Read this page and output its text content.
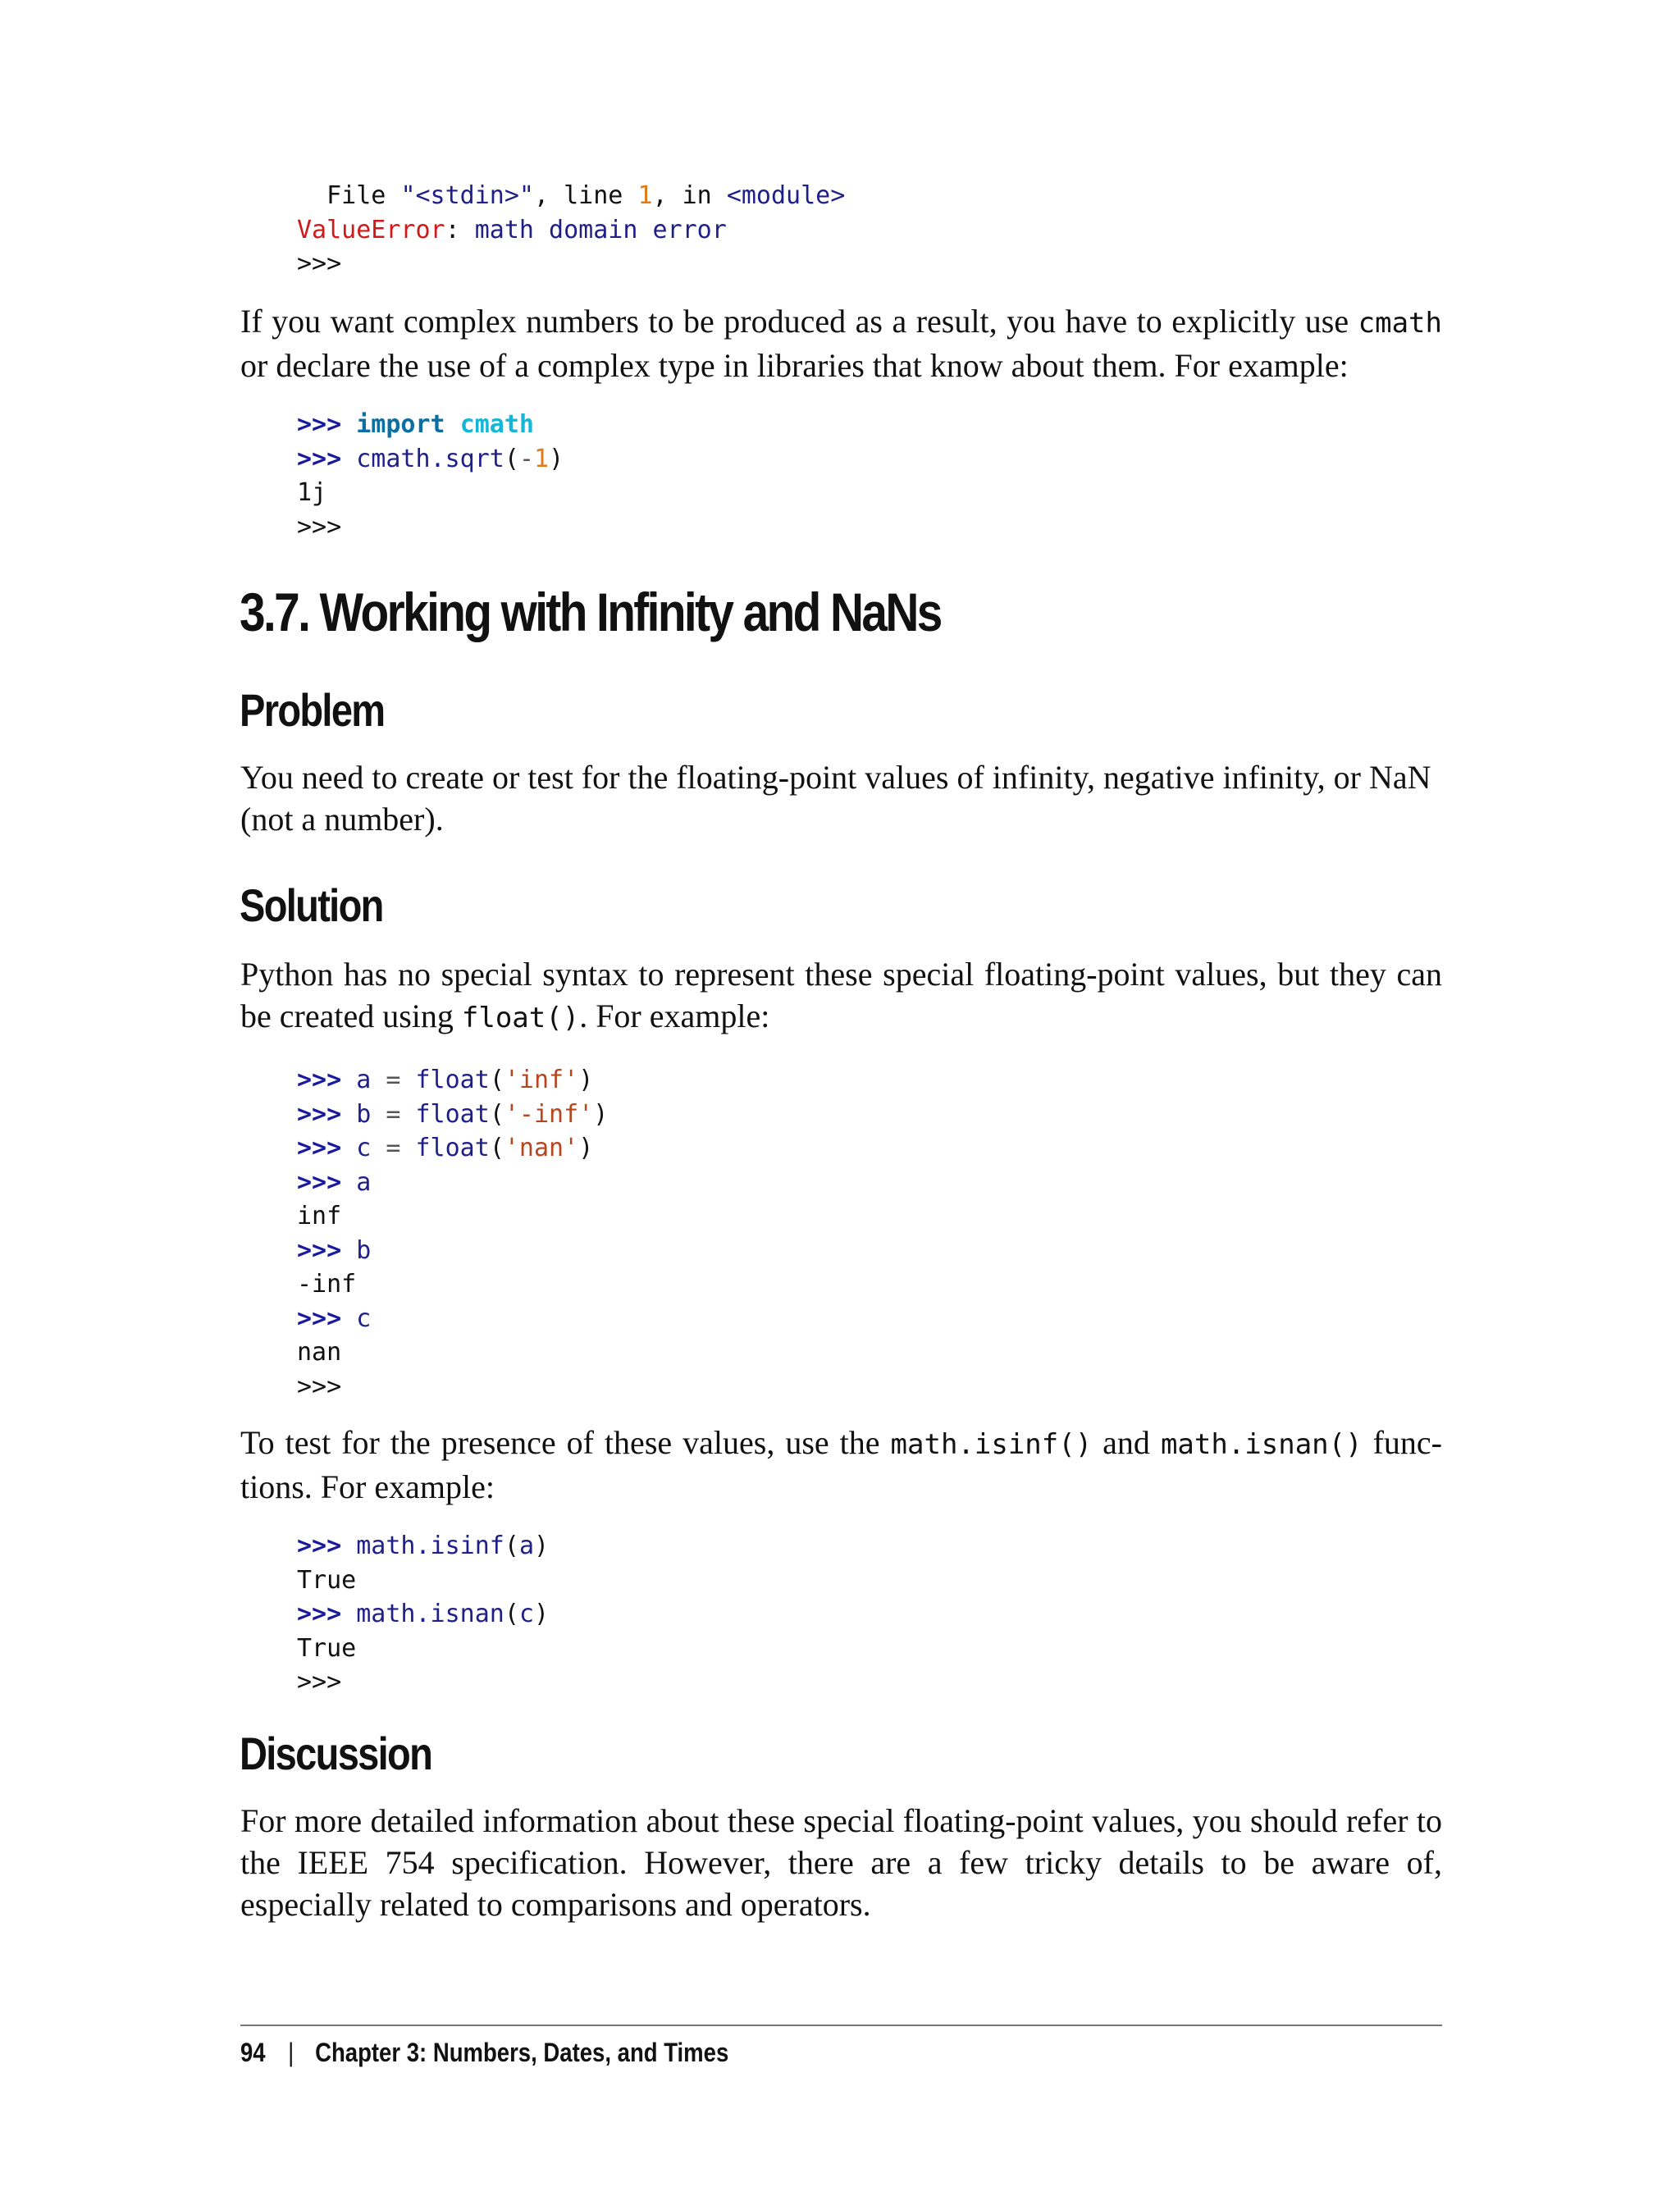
File "<stdin>", line 1, in <module>
ValueError: math domain error
>>>

If you want complex numbers to be produced as a result, you have to explicitly use cmath or declare the use of a complex type in libraries that know about them. For example:

>>> import cmath
>>> cmath.sqrt(-1)
1j
>>>
3.7. Working with Infinity and NaNs
Problem

You need to create or test for the floating-point values of infinity, negative infinity, or NaN (not a number).

Solution

Python has no special syntax to represent these special floating-point values, but they can be created using float(). For example:

>>> a = float('inf')
>>> b = float('-inf')
>>> c = float('nan')
>>> a
inf
>>> b
-inf
>>> c
nan
>>>

To test for the presence of these values, use the math.isinf() and math.isnan() functions. For example:

>>> math.isinf(a)
True
>>> math.isnan(c)
True
>>>
Discussion

For more detailed information about these special floating-point values, you should refer to the IEEE 754 specification. However, there are a few tricky details to be aware of, especially related to comparisons and operators.

94 | Chapter 3: Numbers, Dates, and Times
